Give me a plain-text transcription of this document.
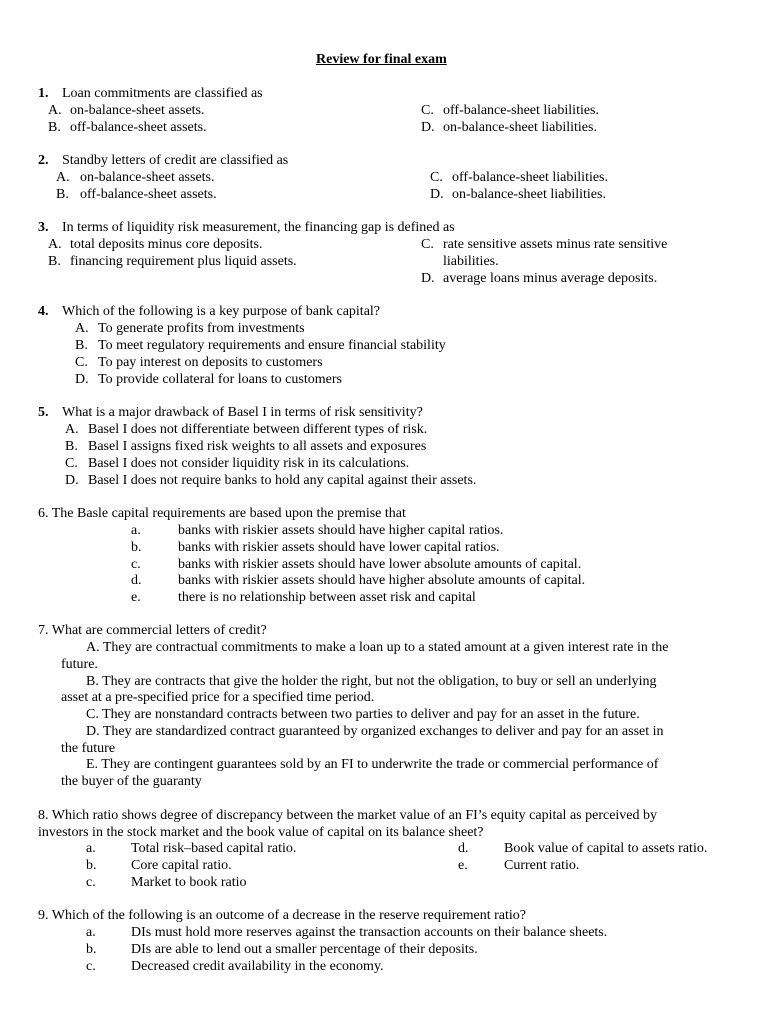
Review for final exam
1. Loan commitments are classified as
A. on-balance-sheet assets.
B. off-balance-sheet assets.
C. off-balance-sheet liabilities.
D. on-balance-sheet liabilities.
2. Standby letters of credit are classified as
A. on-balance-sheet assets.
B. off-balance-sheet assets.
C. off-balance-sheet liabilities.
D. on-balance-sheet liabilities.
3. In terms of liquidity risk measurement, the financing gap is defined as
A. total deposits minus core deposits.
B. financing requirement plus liquid assets.
C. rate sensitive assets minus rate sensitive
liabilities.
D. average loans minus average deposits.
4. Which of the following is a key purpose of bank capital?
A. To generate profits from investments
B. To meet regulatory requirements and ensure financial stability
C. To pay interest on deposits to customers
D. To provide collateral for loans to customers
5. What is a major drawback of Basel I in terms of risk sensitivity?
A. Basel I does not differentiate between different types of risk.
B. Basel I assigns fixed risk weights to all assets and exposures
C. Basel I does not consider liquidity risk in its calculations.
D. Basel I does not require banks to hold any capital against their assets.
6. The Basle capital requirements are based upon the premise that
a.	banks with riskier assets should have higher capital ratios.
b.	banks with riskier assets should have lower capital ratios.
c.	banks with riskier assets should have lower absolute amounts of capital.
d.	banks with riskier assets should have higher absolute amounts of capital.
e.	there is no relationship between asset risk and capital
7. What are commercial letters of credit?
A. They are contractual commitments to make a loan up to a stated amount at a given interest rate in the
future.
B. They are contracts that give the holder the right, but not the obligation, to buy or sell an underlying
asset at a pre-specified price for a specified time period.
C. They are nonstandard contracts between two parties to deliver and pay for an asset in the future.
D. They are standardized contract guaranteed by organized exchanges to deliver and pay for an asset in
the future
E. They are contingent guarantees sold by an FI to underwrite the trade or commercial performance of
the buyer of the guaranty
8. Which ratio shows degree of discrepancy between the market value of an FI’s equity capital as perceived by
investors in the stock market and the book value of capital on its balance sheet?
a.	Total risk–based capital ratio.
b. Core capital ratio.
c.	Market to book ratio
d.	Book value of capital to assets ratio.
e.	Current ratio.
9. Which of the following is an outcome of a decrease in the reserve requirement ratio?
a.	DIs must hold more reserves against the transaction accounts on their balance sheets.
b. DIs are able to lend out a smaller percentage of their deposits.
c.	Decreased credit availability in the economy.
